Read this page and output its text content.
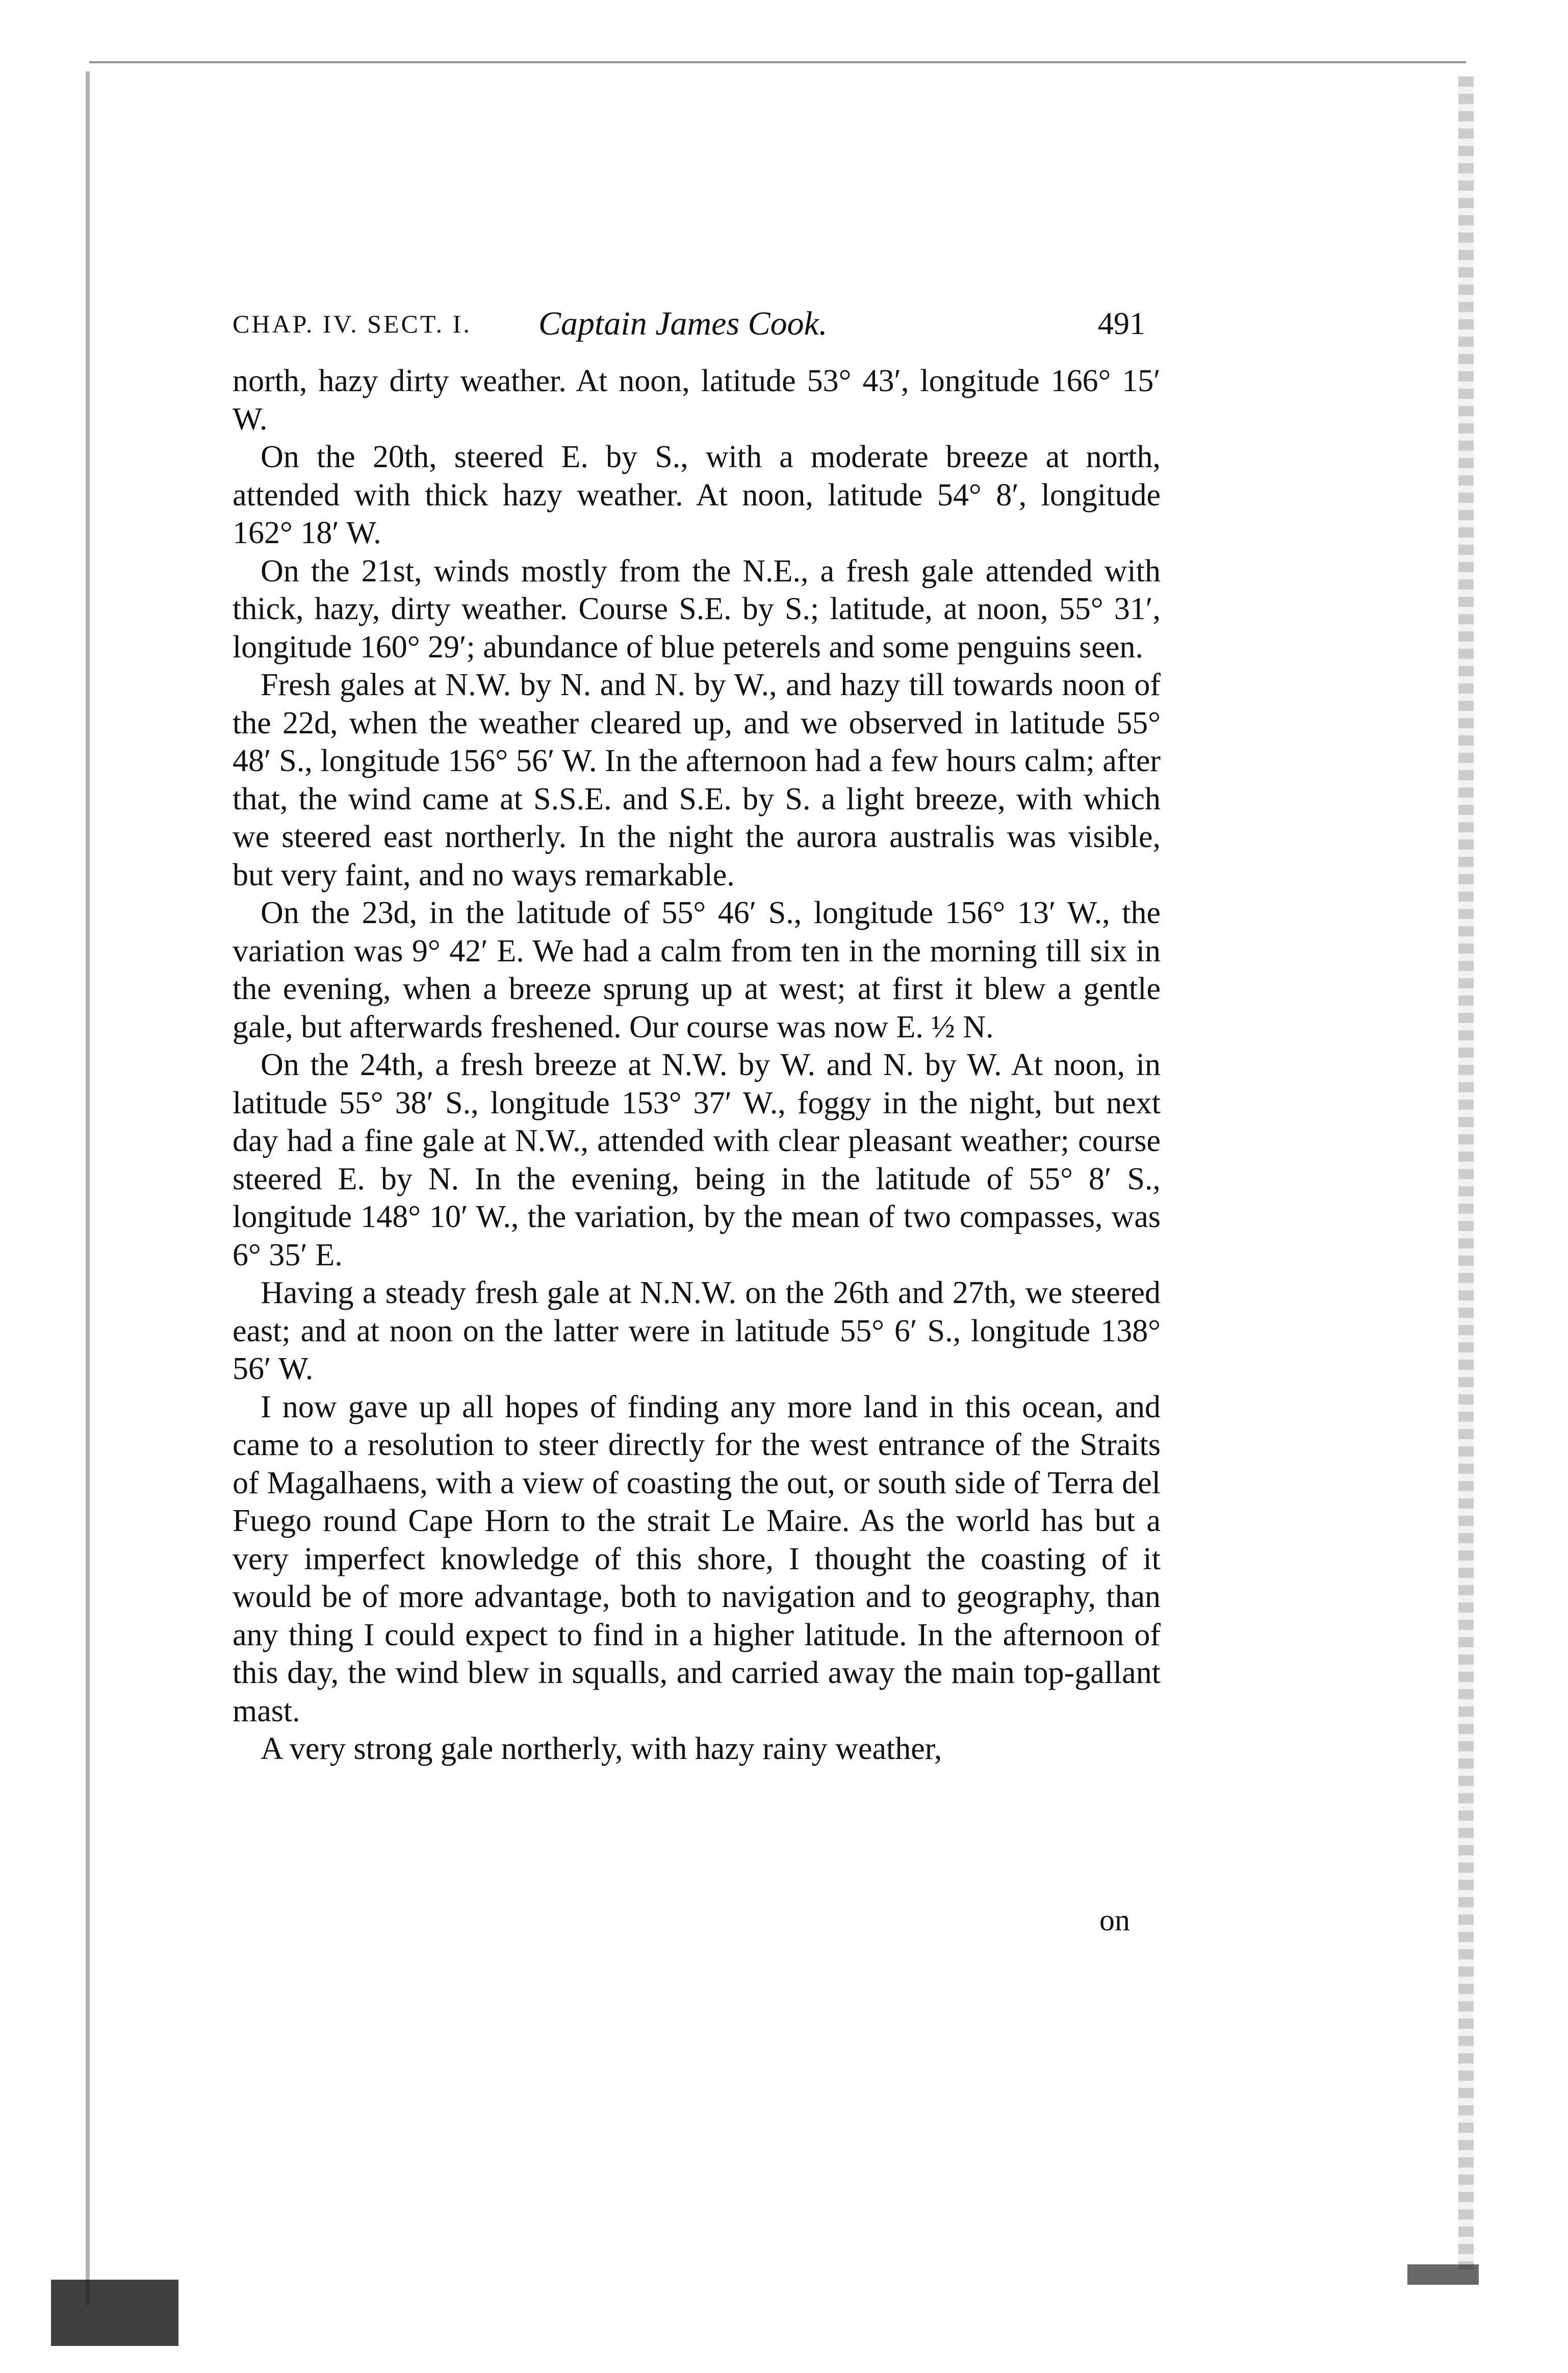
CHAP. IV. SECT. I. Captain James Cook.	491

north, hazy dirty weather. At noon, latitude 53° 43′, longitude 166° 15′ W.

On the 20th, steered E. by S., with a moderate breeze at north, attended with thick hazy weather. At noon, latitude 54° 8′, longitude 162° 18′ W.

On the 21st, winds mostly from the N.E., a fresh gale attended with thick, hazy, dirty weather. Course S.E. by S.; latitude, at noon, 55° 31′, longitude 160° 29′; abundance of blue peterels and some penguins seen.

Fresh gales at N.W. by N. and N. by W., and hazy till towards noon of the 22d, when the weather cleared up, and we observed in latitude 55° 48′ S., longitude 156° 56′ W. In the afternoon had a few hours calm; after that, the wind came at S.S.E. and S.E. by S. a light breeze, with which we steered east northerly. In the night the aurora australis was visible, but very faint, and no ways remarkable.

On the 23d, in the latitude of 55° 46′ S., longitude 156° 13′ W., the variation was 9° 42′ E. We had a calm from ten in the morning till six in the evening, when a breeze sprung up at west; at first it blew a gentle gale, but afterwards freshened. Our course was now E. ½ N.

On the 24th, a fresh breeze at N.W. by W. and N. by W. At noon, in latitude 55° 38′ S., longitude 153° 37′ W., foggy in the night, but next day had a fine gale at N.W., attended with clear pleasant weather; course steered E. by N. In the evening, being in the latitude of 55° 8′ S., longitude 148° 10′ W., the variation, by the mean of two compasses, was 6° 35′ E.

Having a steady fresh gale at N.N.W. on the 26th and 27th, we steered east; and at noon on the latter were in latitude 55° 6′ S., longitude 138° 56′ W.

I now gave up all hopes of finding any more land in this ocean, and came to a resolution to steer directly for the west entrance of the Straits of Magalhaens, with a view of coasting the out, or south side of Terra del Fuego round Cape Horn to the strait Le Maire. As the world has but a very imperfect knowledge of this shore, I thought the coasting of it would be of more advantage, both to navigation and to geography, than any thing I could expect to find in a higher latitude. In the afternoon of this day, the wind blew in squalls, and carried away the main top-gallant mast.

A very strong gale northerly, with hazy rainy weather,

on
